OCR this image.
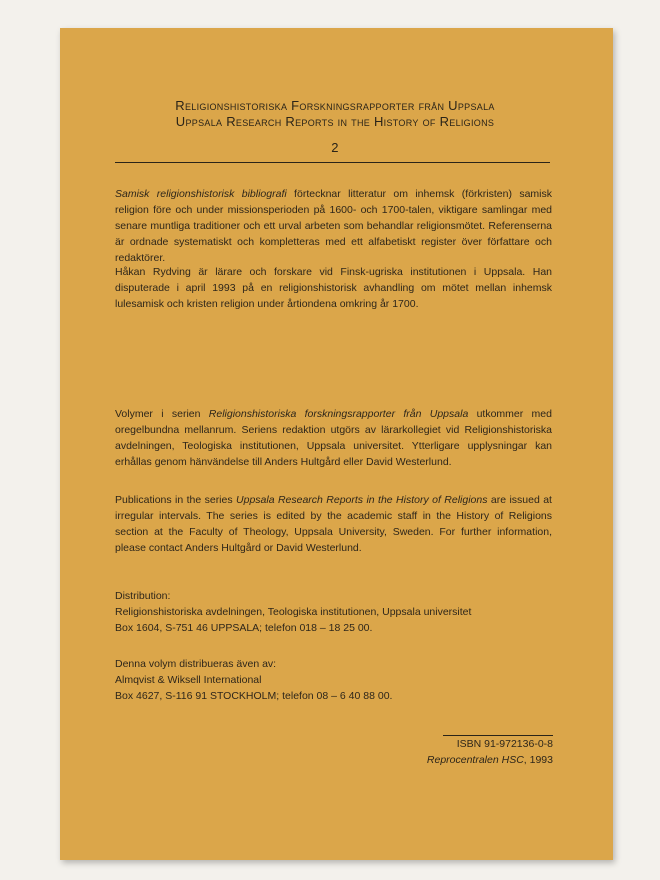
Religionshistoriska Forskningsrapporter från Uppsala
Uppsala Research Reports in the History of Religions
2

Samisk religionshistorisk bibliografi förtecknar litteratur om inhemsk (förkristen) samisk religion före och under missionsperioden på 1600- och 1700-talen, viktigare samlingar med senare muntliga traditioner och ett urval arbeten som behandlar religionsmötet. Referenserna är ordnade systematiskt och kompletteras med ett alfabetiskt register över författare och redaktörer.

Håkan Rydving är lärare och forskare vid Finsk-ugriska institutionen i Uppsala. Han disputerade i april 1993 på en religionshistorisk avhandling om mötet mellan inhemsk lulesamisk och kristen religion under årtiondena omkring år 1700.

Volymer i serien Religionshistoriska forskningsrapporter från Uppsala utkommer med oregelbundna mellanrum. Seriens redaktion utgörs av lärarkollegiet vid Religionshistoriska avdelningen, Teologiska institutionen, Uppsala universitet. Ytterligare upplysningar kan erhållas genom hänvändelse till Anders Hultgård eller David Westerlund.

Publications in the series Uppsala Research Reports in the History of Religions are issued at irregular intervals. The series is edited by the academic staff in the History of Religions section at the Faculty of Theology, Uppsala University, Sweden. For further information, please contact Anders Hultgård or David Westerlund.

Distribution:
Religionshistoriska avdelningen, Teologiska institutionen, Uppsala universitet
Box 1604, S-751 46 UPPSALA; telefon 018 – 18 25 00.
Denna volym distribueras även av:
Almqvist & Wiksell International
Box 4627, S-116 91 STOCKHOLM; telefon 08 – 6 40 88 00.
ISBN 91-972136-0-8
Reprocentralen HSC, 1993
